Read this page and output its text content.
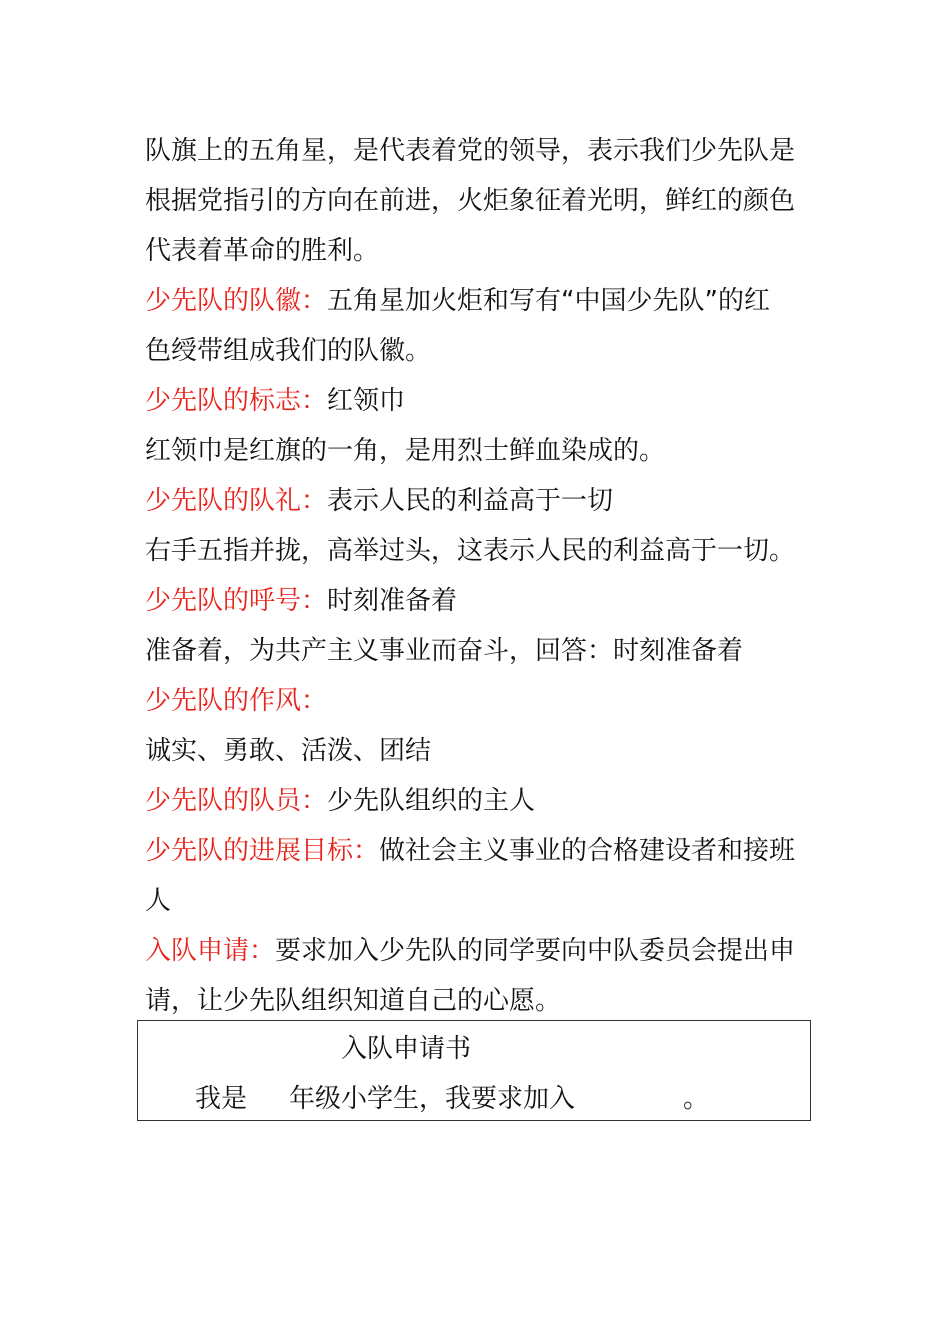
队旗上的五角星，是代表着党的领导，表示我们少先队是
根据党指引的方向在前进，火炬象征着光明，鲜红的颜色
代表着革命的胜利。
少先队的队徽：五角星加火炬和写有“中国少先队”的红
色绶带组成我们的队徽。
少先队的标志：红领巾
红领巾是红旗的一角，是用烈士鲜血染成的。
少先队的队礼：表示人民的利益高于一切
右手五指并拢，高举过头，这表示人民的利益高于一切。
少先队的呼号：时刻准备着
准备着，为共产主义事业而奋斗，回答：时刻准备着
少先队的作风：
诚实、勇敢、活泼、团结
少先队的队员：少先队组织的主人
少先队的进展目标：做社会主义事业的合格建设者和接班
人
入队申请：要求加入少先队的同学要向中队委员会提出申
请，让少先队组织知道自己的心愿。
入队申请书
我是 年级小学生，我要求加入	。
